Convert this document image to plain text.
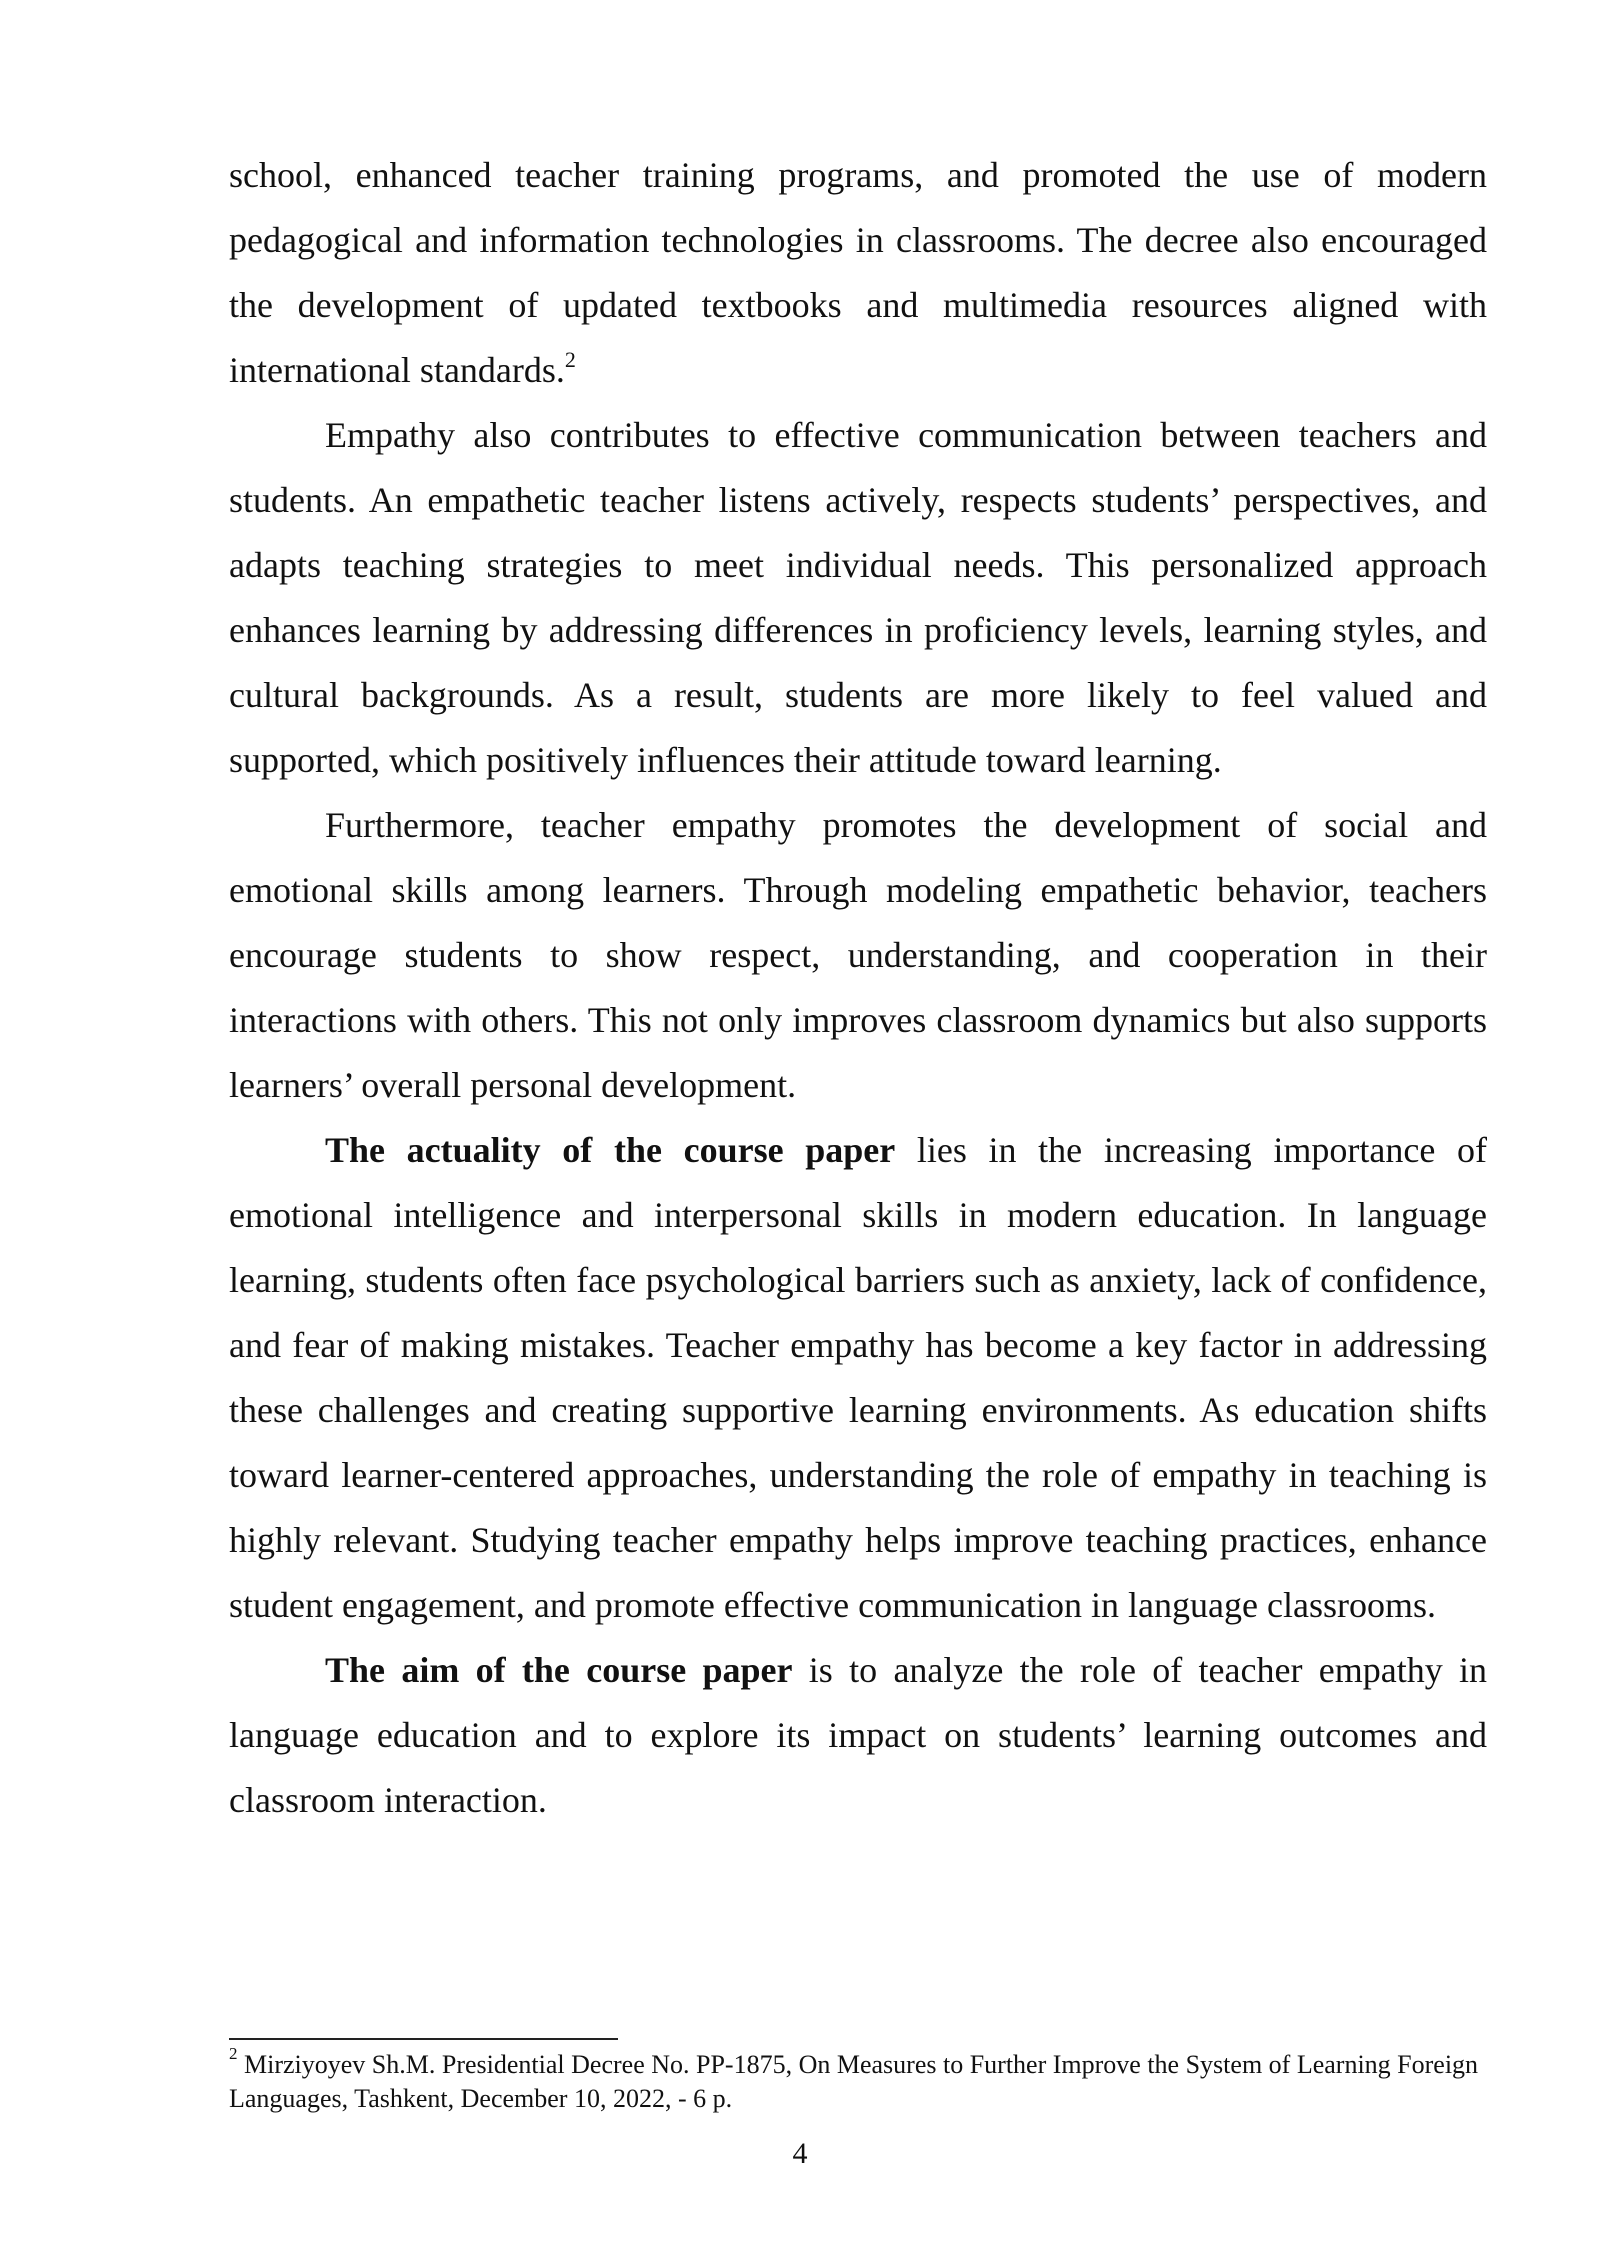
school, enhanced teacher training programs, and promoted the use of modern pedagogical and information technologies in classrooms. The decree also encouraged the development of updated textbooks and multimedia resources aligned with international standards.$^2$

Empathy also contributes to effective communication between teachers and students. An empathetic teacher listens actively, respects students’ perspectives, and adapts teaching strategies to meet individual needs. This personalized approach enhances learning by addressing differences in proficiency levels, learning styles, and cultural backgrounds. As a result, students are more likely to feel valued and supported, which positively influences their attitude toward learning.

Furthermore, teacher empathy promotes the development of social and emotional skills among learners. Through modeling empathetic behavior, teachers encourage students to show respect, understanding, and cooperation in their interactions with others. This not only improves classroom dynamics but also supports learners’ overall personal development.

The actuality of the course paper lies in the increasing importance of emotional intelligence and interpersonal skills in modern education. In language learning, students often face psychological barriers such as anxiety, lack of confidence, and fear of making mistakes. Teacher empathy has become a key factor in addressing these challenges and creating supportive learning environments. As education shifts toward learner-centered approaches, understanding the role of empathy in teaching is highly relevant. Studying teacher empathy helps improve teaching practices, enhance student engagement, and promote effective communication in language classrooms.

The aim of the course paper is to analyze the role of teacher empathy in language education and to explore its impact on students’ learning outcomes and classroom interaction.

$^2$ Mirziyoyev Sh.M. Presidential Decree No. PP-1875, On Measures to Further Improve the System of Learning Foreign Languages, Tashkent, December 10, 2022, - 6 p.
4
